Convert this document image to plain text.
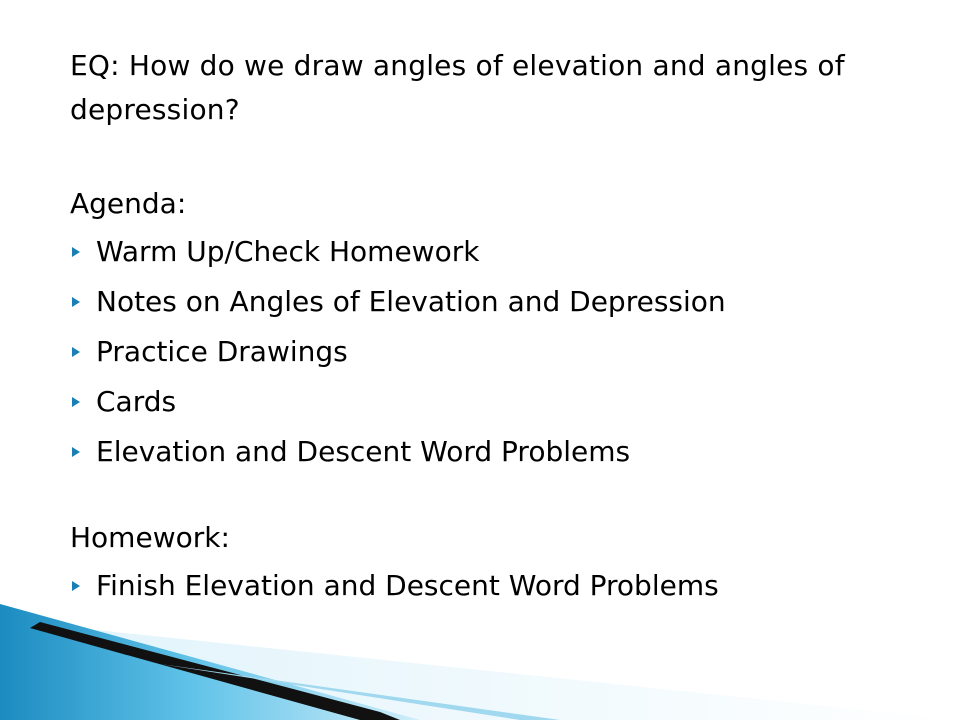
EQ: How do we draw angles of elevation and angles of depression?

Agenda:

Warm Up/Check Homework
Notes on Angles of Elevation and Depression
Practice Drawings
Cards
Elevation and Descent Word Problems

Homework:

Finish Elevation and Descent Word Problems
